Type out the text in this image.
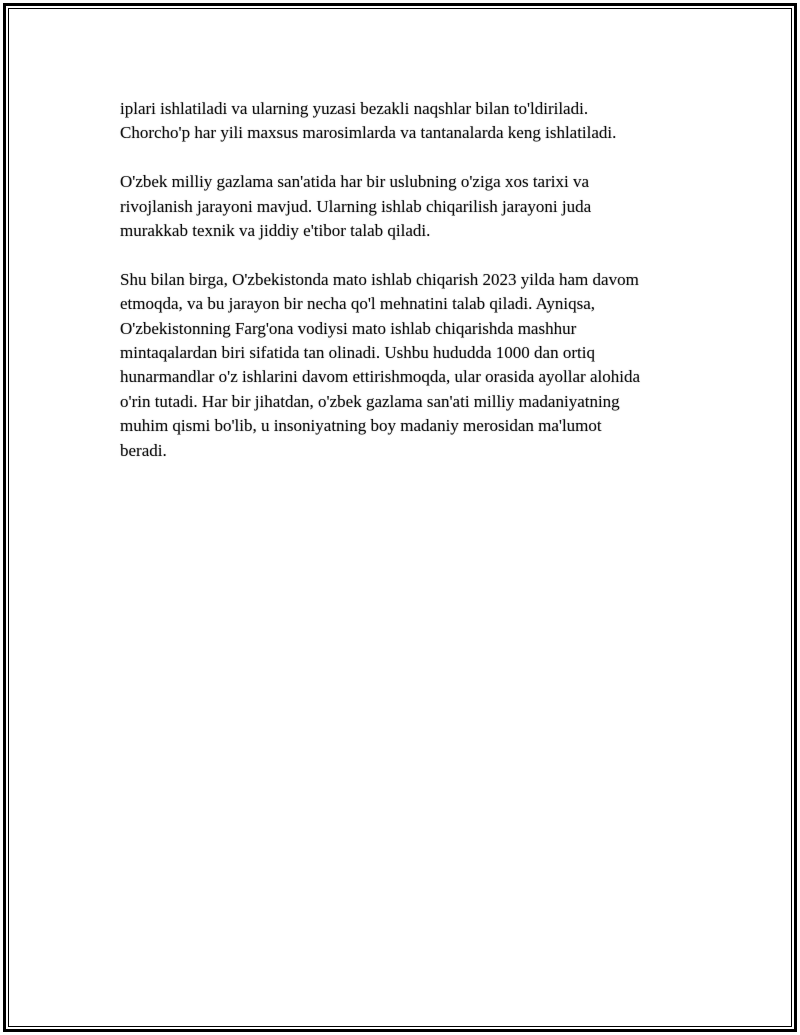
iplari ishlatiladi va ularning yuzasi bezakli naqshlar bilan to'ldiriladi.
Chorcho'p har yili maxsus marosimlarda va tantanalarda keng ishlatiladi.

O'zbek milliy gazlama san'atida har bir uslubning o'ziga xos tarixi va
rivojlanish jarayoni mavjud. Ularning ishlab chiqarilish jarayoni juda
murakkab texnik va jiddiy e'tibor talab qiladi.

Shu bilan birga, O'zbekistonda mato ishlab chiqarish 2023 yilda ham davom
etmoqda, va bu jarayon bir necha qo'l mehnatini talab qiladi. Ayniqsa,
O'zbekistonning Farg'ona vodiysi mato ishlab chiqarishda mashhur
mintaqalardan biri sifatida tan olinadi. Ushbu hududda 1000 dan ortiq
hunarmandlar o'z ishlarini davom ettirishmoqda, ular orasida ayollar alohida
o'rin tutadi. Har bir jihatdan, o'zbek gazlama san'ati milliy madaniyatning
muhim qismi bo'lib, u insoniyatning boy madaniy merosidan ma'lumot
beradi.
